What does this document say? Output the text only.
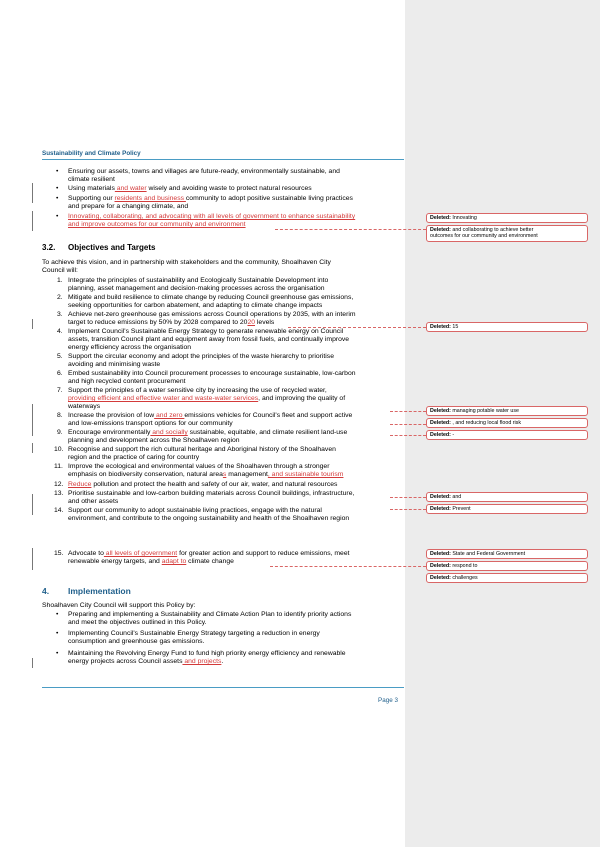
Sustainability and Climate Policy
• Ensuring our assets, towns and villages are future-ready, environmentally sustainable, and
climate resilient
• Using materials and water wisely and avoiding waste to protect natural resources
• Supporting our residents and business community to adopt positive sustainable living practices
and prepare for a changing climate, and
• Innovating, collaborating, and advocating with all levels of government to enhance sustainability
and improve outcomes for our community and environment
3.2. Objectives and Targets
To achieve this vision, and in partnership with stakeholders and the community, Shoalhaven City
Council will:
1. Integrate the principles of sustainability and Ecologically Sustainable Development into
planning, asset management and decision-making processes across the organisation
2. Mitigate and build resilience to climate change by reducing Council greenhouse gas emissions,
seeking opportunities for carbon abatement, and adapting to climate change impacts
3. Achieve net-zero greenhouse gas emissions across Council operations by 2035, with an interim
target to reduce emissions by 50% by 2028 compared to 2020 levels
4. Implement Council's Sustainable Energy Strategy to generate renewable energy on Council
assets, transition Council plant and equipment away from fossil fuels, and continually improve
energy efficiency across the organisation
5. Support the circular economy and adopt the principles of the waste hierarchy to prioritise
avoiding and minimising waste
6. Embed sustainability into Council procurement processes to encourage sustainable, low-carbon
and high recycled content procurement
7. Support the principles of a water sensitive city by increasing the use of recycled water,
providing efficient and effective water and waste-water services, and improving the quality of
waterways
8. Increase the provision of low and zero emissions vehicles for Council's fleet and support active
and low-emissions transport options for our community
9. Encourage environmentally and socially sustainable, equitable, and climate resilient land-use
planning and development across the Shoalhaven region
10. Recognise and support the rich cultural heritage and Aboriginal history of the Shoalhaven
region and the practice of caring for country
11. Improve the ecological and environmental values of the Shoalhaven through a stronger
emphasis on biodiversity conservation, natural areas management, and sustainable tourism
12. Reduce pollution and protect the health and safety of our air, water, and natural resources
13. Prioritise sustainable and low-carbon building materials across Council buildings, infrastructure,
and other assets
14. Support our community to adopt sustainable living practices, engage with the natural
environment, and contribute to the ongoing sustainability and health of the Shoalhaven region
15. Advocate to all levels of government for greater action and support to reduce emissions, meet
renewable energy targets, and adapt to climate change
4. Implementation
Shoalhaven City Council will support this Policy by:
• Preparing and implementing a Sustainability and Climate Action Plan to identify priority actions
and meet the objectives outlined in this Policy.
• Implementing Council's Sustainable Energy Strategy targeting a reduction in energy
consumption and greenhouse gas emissions.
• Maintaining the Revolving Energy Fund to fund high priority energy efficiency and renewable
energy projects across Council assets and projects.
Deleted: Innovating
Deleted: and collaborating to achieve better
outcomes for our community and environment
Deleted: 15
Deleted: managing potable water use
Deleted: , and reducing local flood risk
Deleted: -
Deleted: and
Deleted: Prevent
Deleted: State and Federal Government
Deleted: respond to
Deleted: challenges
Page 3
